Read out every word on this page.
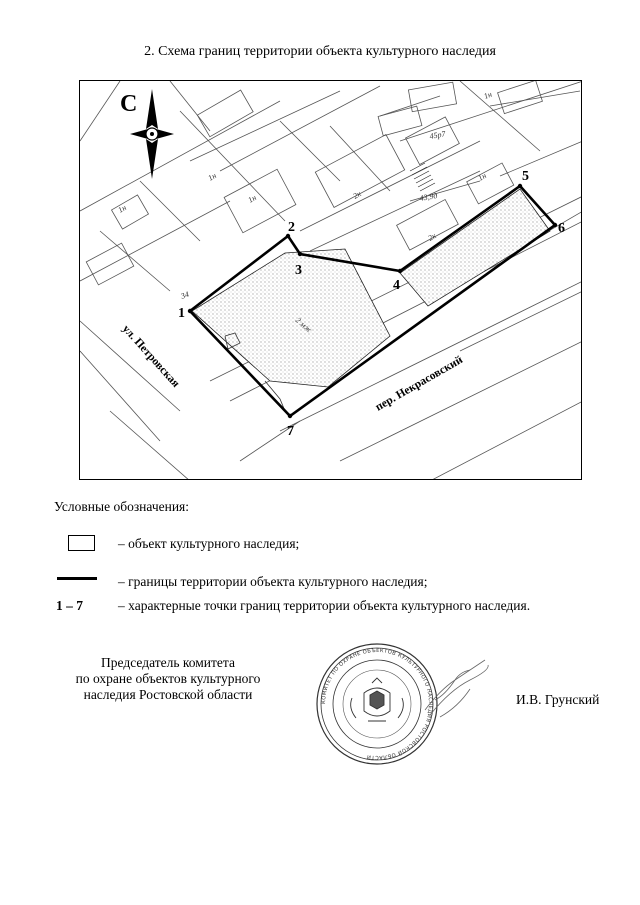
2. Схема границ территории объекта культурного наследия
1
2
3
4
5
6
7
ул. Петровская	пер. Некрасовский
2 мж
1н
1н
1н
2к
2к
1н
1н
45р7
43,9д
34
С
Условные обозначения:
– объект культурного наследия;
– границы территории объекта культурного наследия;
1 – 7	– характерные точки границ территории объекта культурного наследия.
Председатель комитета
по охране объектов культурного
наследия Ростовской области	КОМИТЕТ ПО ОХРАНЕ ОБЪЕКТОВ КУЛЬТУРНОГО НАСЛЕДИЯ РОСТОВСКОЙ ОБЛАСТИ
И.В. Грунский
